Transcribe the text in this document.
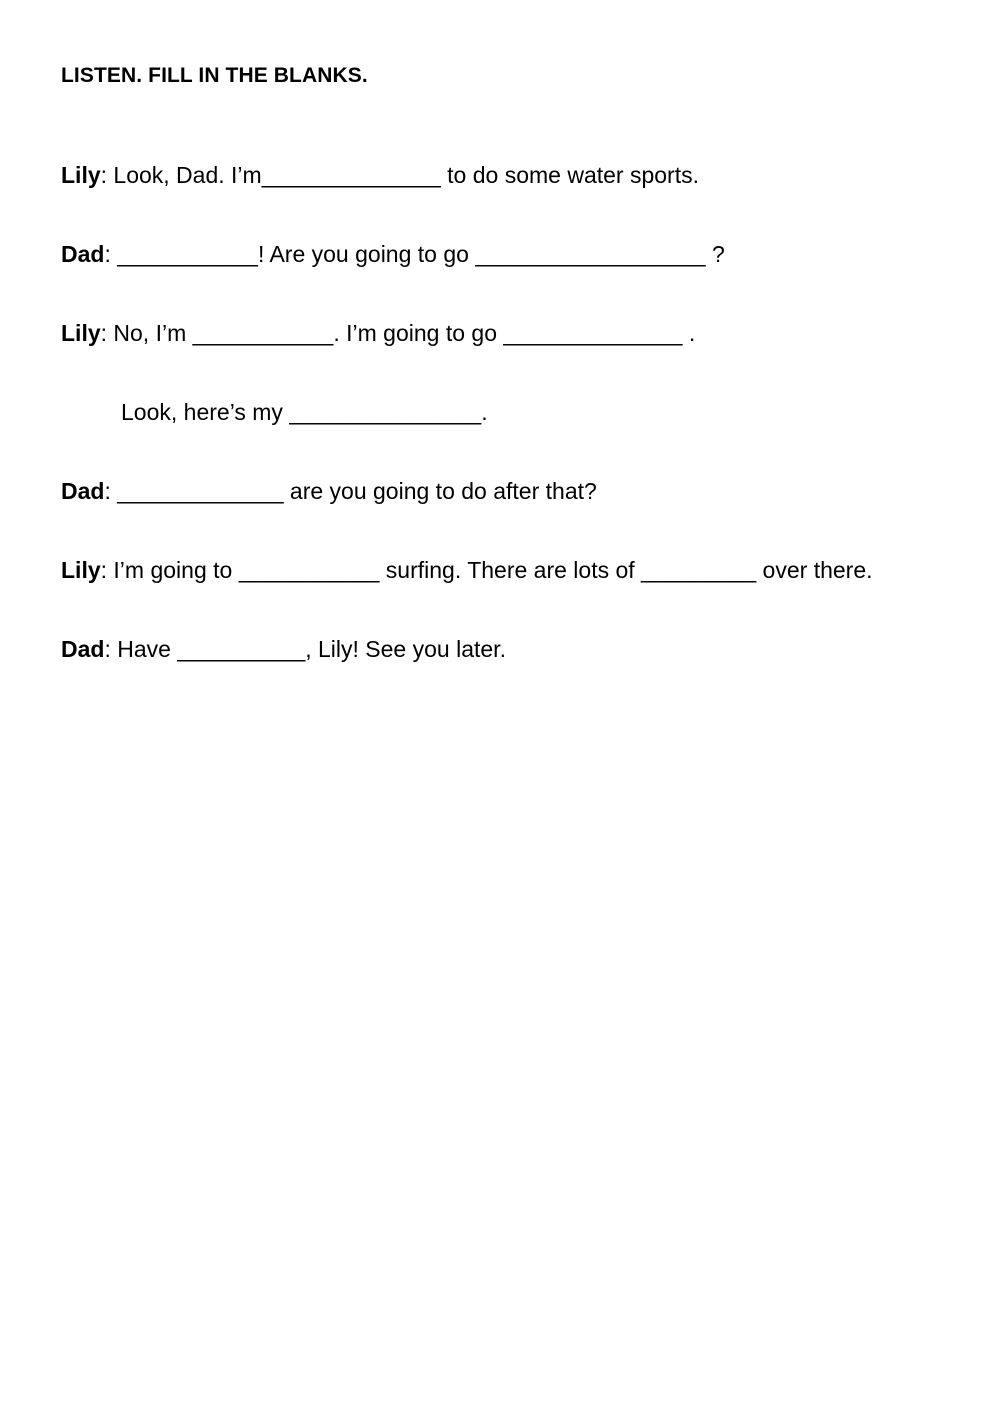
LISTEN. FILL IN THE BLANKS.
Lily: Look, Dad. I’m______________ to do some water sports.
Dad: ___________! Are you going to go __________________ ?
Lily: No, I’m ___________. I’m going to go ______________ .
Look, here’s my _______________.
Dad: _____________ are you going to do after that?
Lily: I’m going to ___________ surfing. There are lots of _________ over there.
Dad: Have __________, Lily! See you later.
